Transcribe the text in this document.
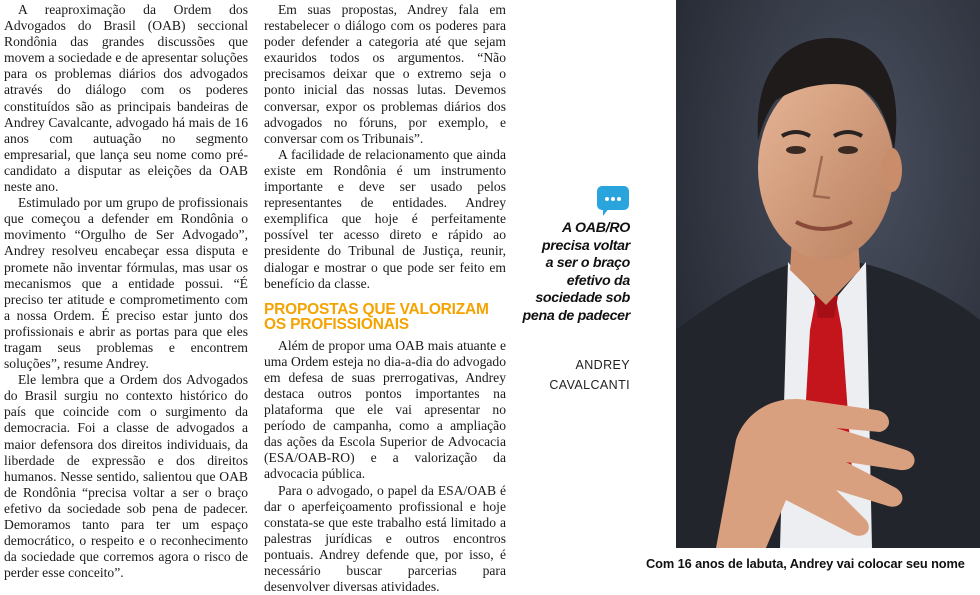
A reaproximação da Ordem dos Advogados do Brasil (OAB) seccional Rondônia das grandes discussões que movem a sociedade e de apresentar soluções para os problemas diários dos advogados através do diálogo com os poderes constituídos são as principais bandeiras de Andrey Cavalcante, advogado há mais de 16 anos com autuação no segmento empresarial, que lança seu nome como pré-candidato a disputar as eleições da OAB neste ano.

Estimulado por um grupo de profissionais que começou a defender em Rondônia o movimento “Orgulho de Ser Advogado”, Andrey resolveu encabeçar essa disputa e promete não inventar fórmulas, mas usar os mecanismos que a entidade possui. “É preciso ter atitude e comprometimento com a nossa Ordem. É preciso estar junto dos profissionais e abrir as portas para que eles tragam seus problemas e encontrem soluções”, resume Andrey.

Ele lembra que a Ordem dos Advogados do Brasil surgiu no contexto histórico do país que coincide com o surgimento da democracia. Foi a classe de advogados a maior defensora dos direitos individuais, da liberdade de expressão e dos direitos humanos. Nesse sentido, salientou que OAB de Rondônia “precisa voltar a ser o braço efetivo da sociedade sob pena de padecer. Demoramos tanto para ter um espaço democrático, o respeito e o reconhecimento da sociedade que corremos agora o risco de perder esse conceito”.

Em suas propostas, Andrey fala em restabelecer o diálogo com os poderes para poder defender a categoria até que sejam exauridos todos os argumentos. “Não precisamos deixar que o extremo seja o ponto inicial das nossas lutas. Devemos conversar, expor os problemas diários dos advogados no fóruns, por exemplo, e conversar com os Tribunais”.

A facilidade de relacionamento que ainda existe em Rondônia é um instrumento importante e deve ser usado pelos representantes de entidades. Andrey exemplifica que hoje é perfeitamente possível ter acesso direto e rápido ao presidente do Tribunal de Justiça, reunir, dialogar e mostrar o que pode ser feito em benefício da classe.

PROPOSTAS QUE VALORIZAM OS PROFISSIONAIS

Além de propor uma OAB mais atuante e uma Ordem esteja no dia-a-dia do advogado em defesa de suas prerrogativas, Andrey destaca outros pontos importantes na plataforma que ele vai apresentar no período de campanha, como a ampliação das ações da Escola Superior de Advocacia (ESA/OAB-RO) e a valorização da advocacia pública.

Para o advogado, o papel da ESA/OAB é dar o aperfeiçoamento profissional e hoje constata-se que este trabalho está limitado a palestras jurídicas e outros encontros pontuais. Andrey defende que, por isso, é necessário buscar parcerias para desenvolver diversas atividades.

A OAB/RO
precisa voltar
a ser o braço
efetivo da
sociedade sob
pena de padecer
ANDREY
CAVALCANTI
Com 16 anos de labuta, Andrey vai colocar seu nome
